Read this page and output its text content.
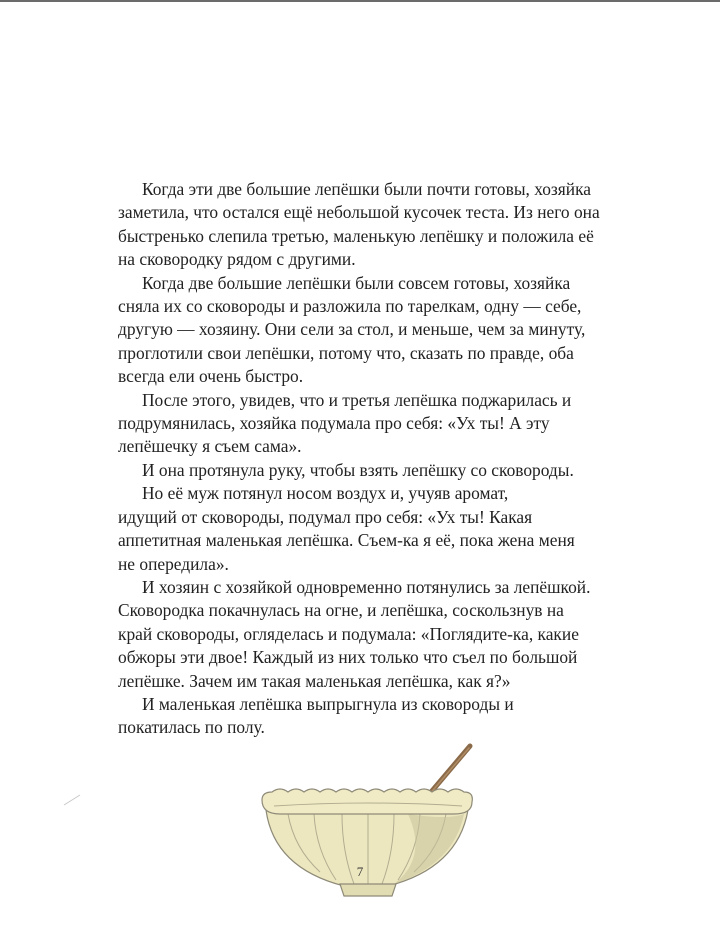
Когда эти две большие лепёшки были почти готовы, хозяйка
заметила, что остался ещё небольшой кусочек теста. Из него она
быстренько слепила третью, маленькую лепёшку и положила её
на сковородку рядом с другими.

Когда две большие лепёшки были совсем готовы, хозяйка
сняла их со сковороды и разложила по тарелкам, одну — себе,
другую — хозяину. Они сели за стол, и меньше, чем за минуту,
проглотили свои лепёшки, потому что, сказать по правде, оба
всегда ели очень быстро.

После этого, увидев, что и третья лепёшка поджарилась и
подрумянилась, хозяйка подумала про себя: «Ух ты! А эту
лепёшечку я съем сама».

И она протянула руку, чтобы взять лепёшку со сковороды.

Но её муж потянул носом воздух и, учуяв аромат,
идущий от сковороды, подумал про себя: «Ух ты! Какая
аппетитная маленькая лепёшка. Съем-ка я её, пока жена меня
не опередила».

И хозяин с хозяйкой одновременно потянулись за лепёшкой.
Сковородка покачнулась на огне, и лепёшка, соскользнув на
край сковороды, огляделась и подумала: «Поглядите-ка, какие
обжоры эти двое! Каждый из них только что съел по большой
лепёшке. Зачем им такая маленькая лепёшка, как я?»

И маленькая лепёшка выпрыгнула из сковороды и
покатилась по полу.

7
